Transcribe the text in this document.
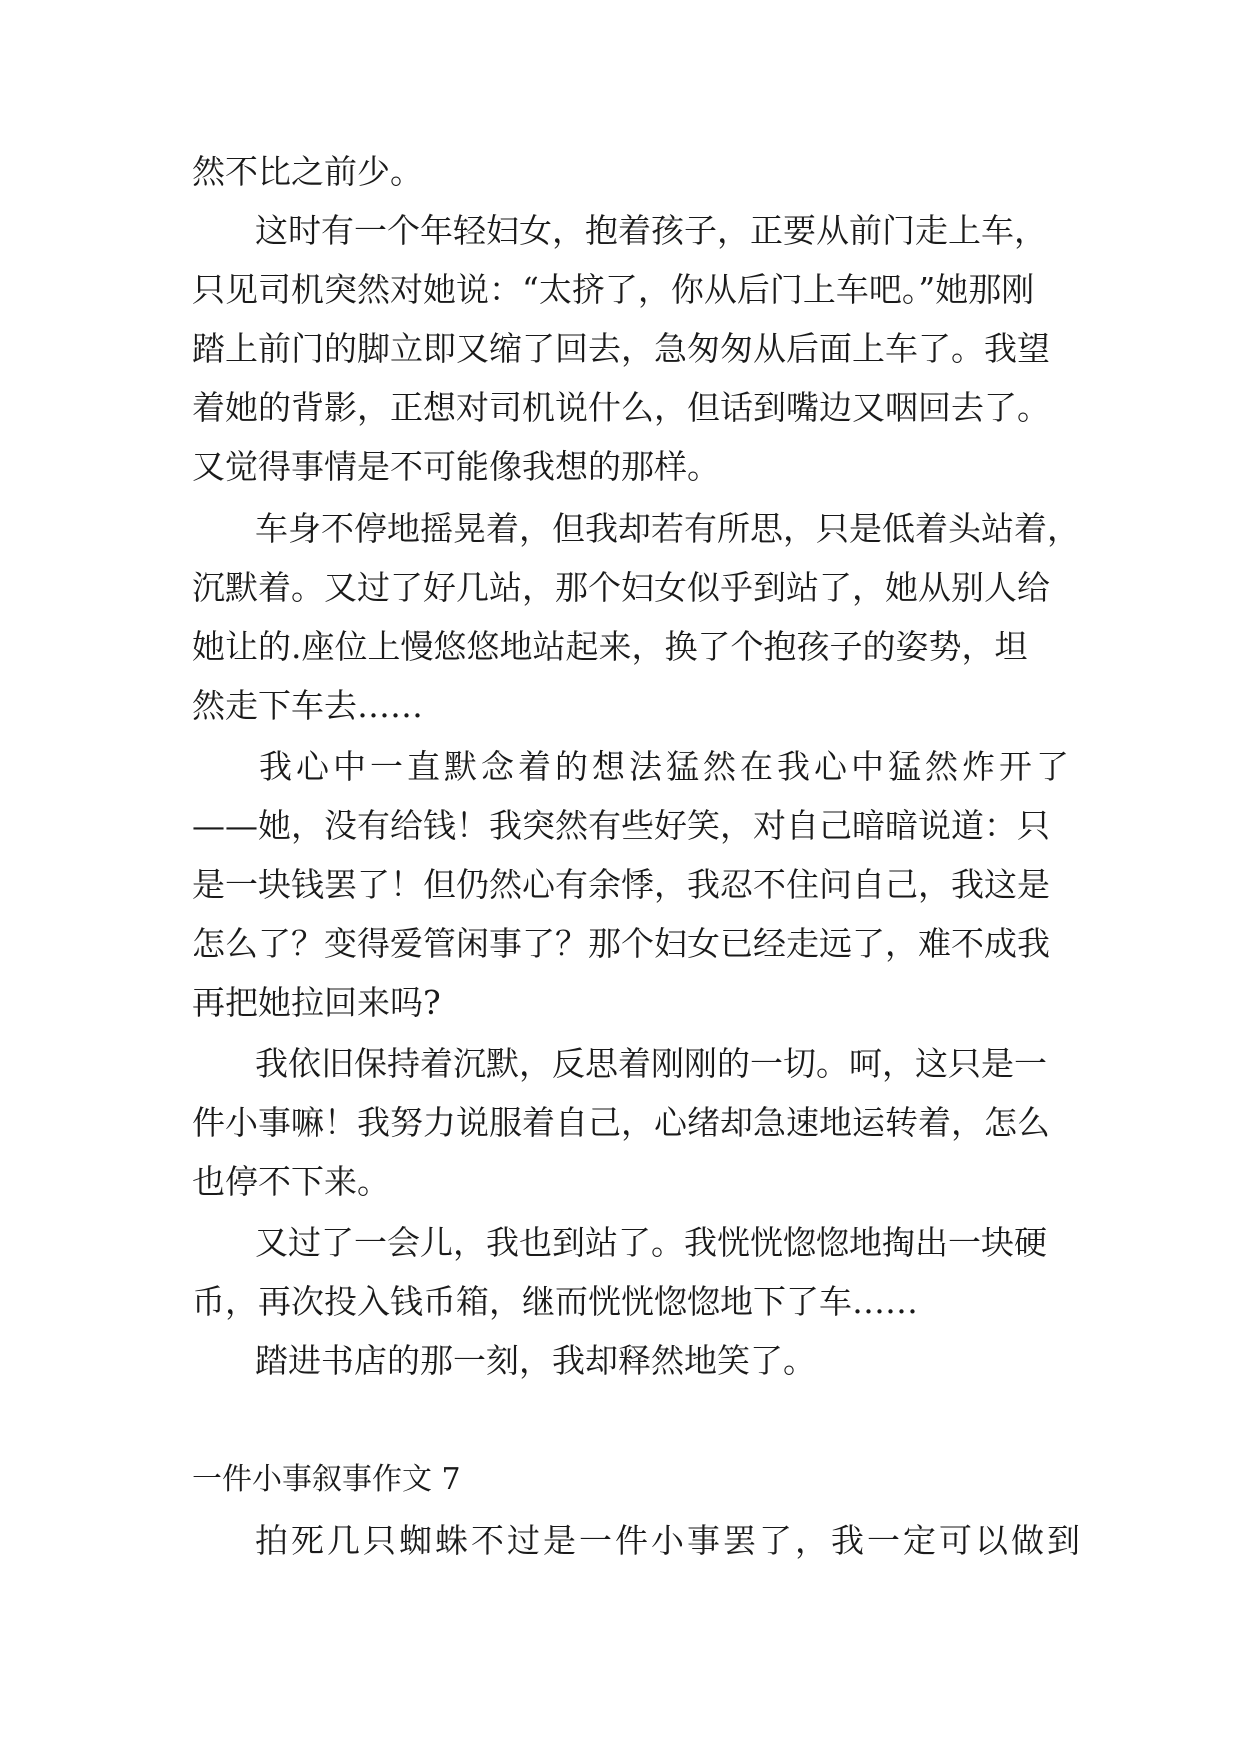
然不比之前少。
这时有一个年轻妇女，抱着孩子，正要从前门走上车，
只见司机突然对她说：“太挤了，你从后门上车吧。”她那刚
踏上前门的脚立即又缩了回去，急匆匆从后面上车了。我望
着她的背影，正想对司机说什么，但话到嘴边又咽回去了。
又觉得事情是不可能像我想的那样。
车身不停地摇晃着，但我却若有所思，只是低着头站着，
沉默着。又过了好几站，那个妇女似乎到站了，她从别人给
她让的.座位上慢悠悠地站起来，换了个抱孩子的姿势，坦
然走下车去……
我心中一直默念着的想法猛然在我心中猛然炸开了
——她，没有给钱！我突然有些好笑，对自己暗暗说道：只
是一块钱罢了！但仍然心有余悸，我忍不住问自己，我这是
怎么了？变得爱管闲事了？那个妇女已经走远了，难不成我
再把她拉回来吗?
我依旧保持着沉默，反思着刚刚的一切。呵，这只是一
件小事嘛！我努力说服着自己，心绪却急速地运转着，怎么
也停不下来。
又过了一会儿，我也到站了。我恍恍惚惚地掏出一块硬
币，再次投入钱币箱，继而恍恍惚惚地下了车……
踏进书店的那一刻，我却释然地笑了。
一件小事叙事作文 7
拍死几只蜘蛛不过是一件小事罢了，我一定可以做到
